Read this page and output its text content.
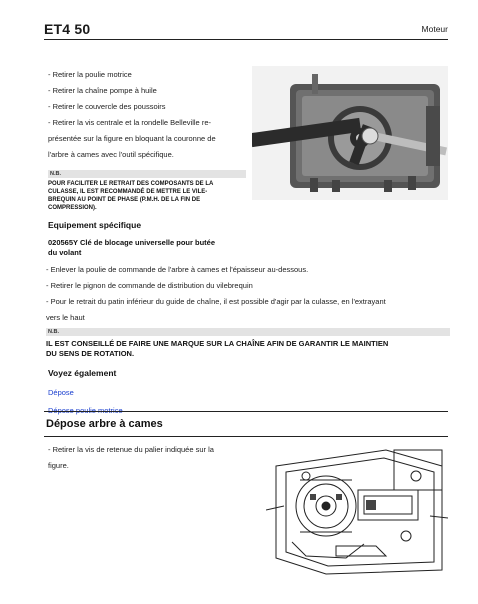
ET4 50	Moteur
- Retirer la poulie motrice
- Retirer la chaîne pompe à huile
- Retirer le couvercle des poussoirs
- Retirer la vis centrale et la rondelle Belleville re-
présentée sur la figure en bloquant la couronne de
l'arbre à cames avec l'outil spécifique.
N.B.
POUR FACILITER LE RETRAIT DES COMPOSANTS DE LA
CULASSE, IL EST RECOMMANDÉ DE METTRE LE VILE-
BREQUIN AU POINT DE PHASE (P.M.H. DE LA FIN DE
COMPRESSION).
Equipement spécifique
020565Y Clé de blocage universelle pour butée
du volant
- Enlever la poulie de commande de l'arbre à cames et l'épaisseur au-dessous.
- Retirer le pignon de commande de distribution du vilebrequin
- Pour le retrait du patin inférieur du guide de chaîne, il est possible d'agir par la culasse, en l'extrayant
vers le haut
N.B.
IL EST CONSEILLÉ DE FAIRE UNE MARQUE SUR LA CHAÎNE AFIN DE GARANTIR LE MAINTIEN
DU SENS DE ROTATION.
Voyez également
Dépose
Dépose poulie motrice
Dépose arbre à cames
- Retirer la vis de retenue du palier indiquée sur la
figure.
